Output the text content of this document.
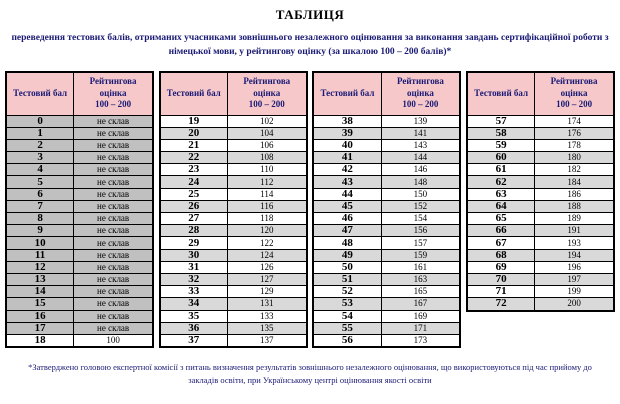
ТАБЛИЦЯ
переведення тестових балів, отриманих учасниками зовнішнього незалежного оцінювання за виконання завдань сертифікаційної роботи з німецької мови, у рейтингову оцінку (за шкалою 100 – 200 балів)*
Тестовий бал	Рейтингова
оцінка
100 – 200
0	не склав
1	не склав
2	не склав
3	не склав
4	не склав
5	не склав
6	не склав
7	не склав
8	не склав
9	не склав
10	не склав
11	не склав
12	не склав
13	не склав
14	не склав
15	не склав
16	не склав
17	не склав
18	100
Тестовий бал	Рейтингова
оцінка
100 – 200
19	102
20	104
21	106
22	108
23	110
24	112
25	114
26	116
27	118
28	120
29	122
30	124
31	126
32	127
33	129
34	131
35	133
36	135
37	137
Тестовий бал	Рейтингова
оцінка
100 – 200
38	139
39	141
40	143
41	144
42	146
43	148
44	150
45	152
46	154
47	156
48	157
49	159
50	161
51	163
52	165
53	167
54	169
55	171
56	173
Тестовий бал	Рейтингова
оцінка
100 – 200
57	174
58	176
59	178
60	180
61	182
62	184
63	186
64	188
65	189
66	191
67	193
68	194
69	196
70	197
71	199
72	200
*Затверджено головою експертної комісії з питань визначення результатів зовнішнього незалежного оцінювання, що використовуються під час прийому до закладів освіти, при Українському центрі оцінювання якості освіти
